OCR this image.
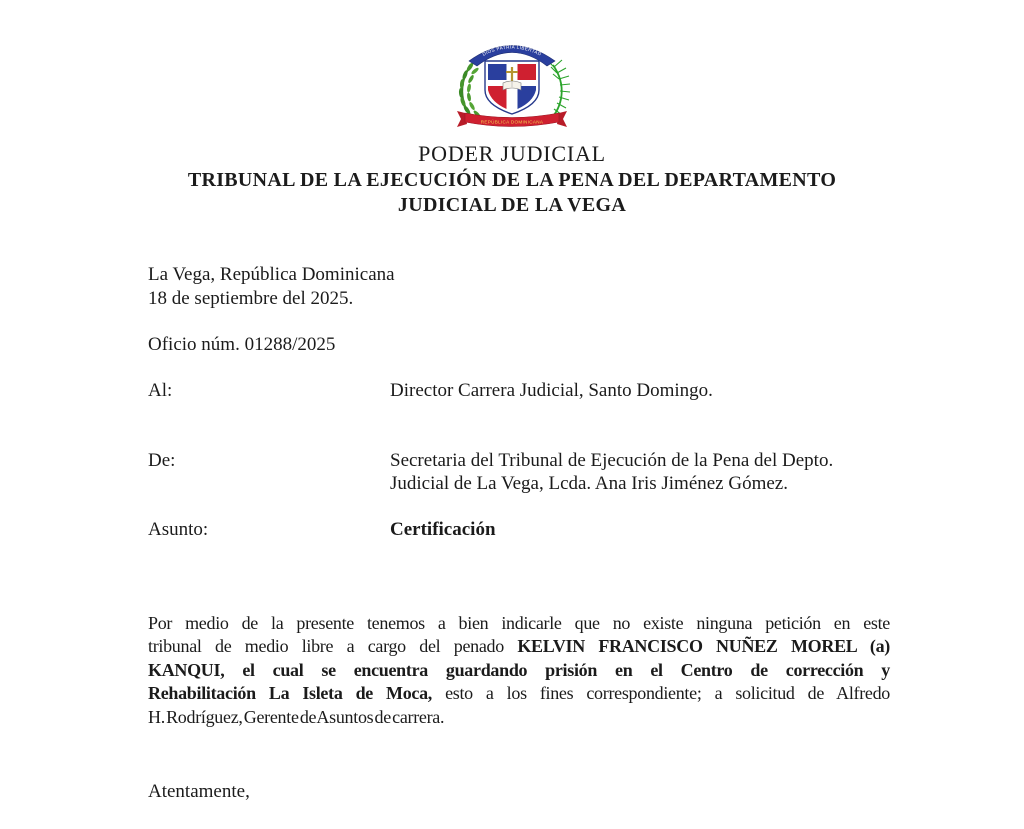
DIOS PATRIA LIBERTAD
REPÚBLICA DOMINICANA
PODER JUDICIAL
TRIBUNAL DE LA EJECUCIÓN DE LA PENA DEL DEPARTAMENTO
JUDICIAL DE LA VEGA
La Vega, República Dominicana
18 de septiembre del 2025.
Oficio núm. 01288/2025
Al:	Director Carrera Judicial, Santo Domingo.
De:	Secretaria del Tribunal de Ejecución de la Pena del Depto.
Judicial de La Vega, Lcda. Ana Iris Jiménez Gómez.
Asunto:	Certificación
Por medio de la presente tenemos a bien indicarle que no existe ninguna petición en este
tribunal de medio libre a cargo del penado KELVIN FRANCISCO NUÑEZ MOREL (a)
KANQUI, el cual se encuentra guardando prisión en el Centro de corrección y
Rehabilitación La Isleta de Moca, esto a los fines correspondiente; a solicitud de Alfredo
H. Rodríguez, Gerente de Asuntos de carrera.
Atentamente,
